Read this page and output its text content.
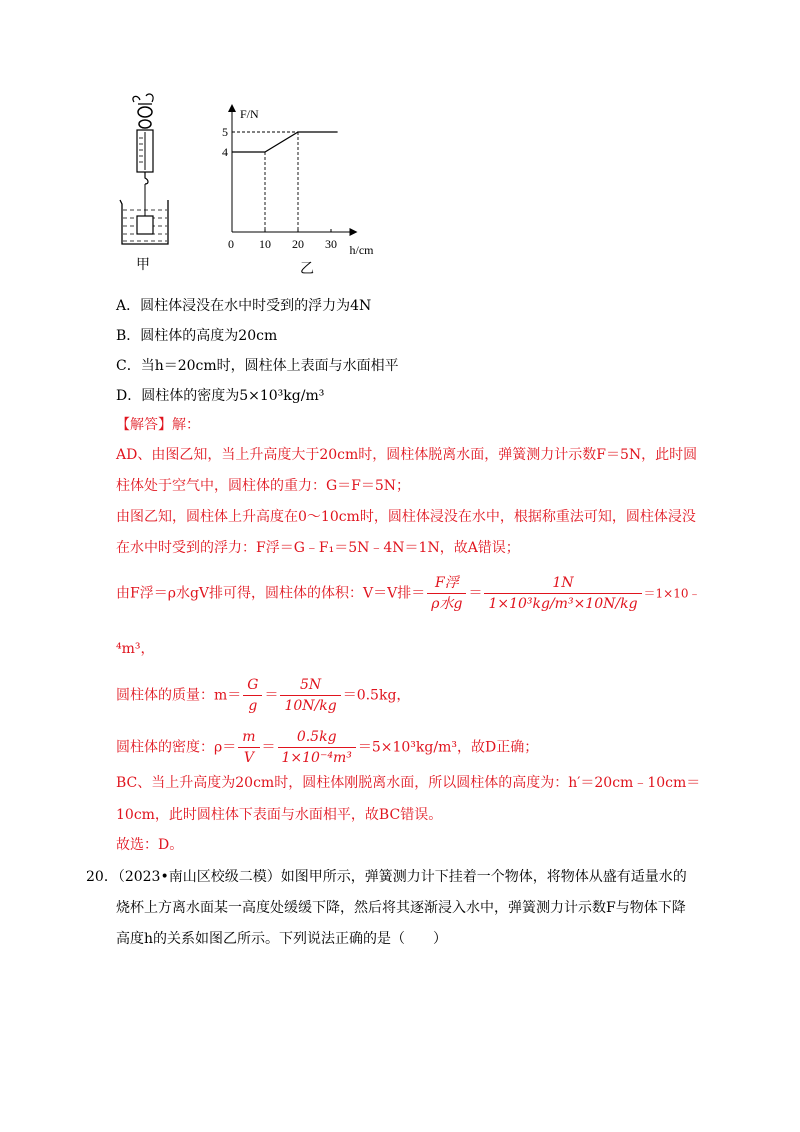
甲
F/N
h/cm
0 10 20 30
4
5
乙
A．圆柱体浸没在水中时受到的浮力为4N
B．圆柱体的高度为20cm
C．当h＝20cm时，圆柱体上表面与水面相平
D．圆柱体的密度为5×10³kg/m³
【解答】解：
AD、由图乙知，当上升高度大于20cm时，圆柱体脱离水面，弹簧测力计示数F＝5N，此时圆
柱体处于空气中，圆柱体的重力：G＝F＝5N；
由图乙知，圆柱体上升高度在0～10cm时，圆柱体浸没在水中，根据称重法可知，圆柱体浸没
在水中时受到的浮力：F浮＝G﹣F₁＝5N﹣4N＝1N，故A错误；
由F浮＝ρ水gV排可得，圆柱体的体积：V＝V排＝ $\frac{\text{F浮}}{\text{ρ水g}} = \frac{1N}{\text{1×10³kg/m³×10N/kg}}$ ＝1×10﹣
⁴m³，
圆柱体的质量：$m= \frac{G}{g} = \frac{5N}{10N/kg} =0.5kg$，
圆柱体的密度：$\rho= \frac{m}{V} = \frac{0.5kg}{\text{1×10⁻⁴m³}} =5\times 10^3kg/m^3$，故D正确；
BC、当上升高度为20cm时，圆柱体刚脱离水面，所以圆柱体的高度为：h′＝20cm﹣10cm＝
10cm，此时圆柱体下表面与水面相平，故BC错误。
故选：D。
20．（2023•南山区校级二模）如图甲所示，弹簧测力计下挂着一个物体，将物体从盛有适量水的
烧杯上方离水面某一高度处缓缓下降，然后将其逐渐浸入水中，弹簧测力计示数F与物体下降
高度h的关系如图乙所示。下列说法正确的是（　　）
